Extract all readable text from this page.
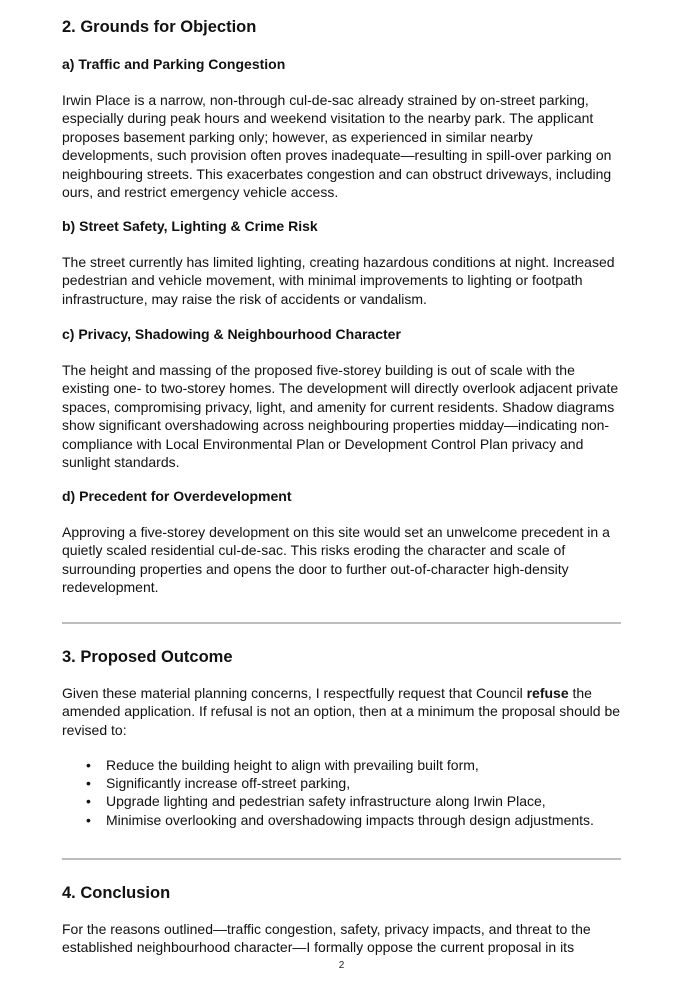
2. Grounds for Objection
a) Traffic and Parking Congestion

Irwin Place is a narrow, non-through cul-de-sac already strained by on-street parking, especially during peak hours and weekend visitation to the nearby park. The applicant proposes basement parking only; however, as experienced in similar nearby developments, such provision often proves inadequate—resulting in spill-over parking on neighbouring streets. This exacerbates congestion and can obstruct driveways, including ours, and restrict emergency vehicle access.

b) Street Safety, Lighting & Crime Risk

The street currently has limited lighting, creating hazardous conditions at night. Increased pedestrian and vehicle movement, with minimal improvements to lighting or footpath infrastructure, may raise the risk of accidents or vandalism.

c) Privacy, Shadowing & Neighbourhood Character

The height and massing of the proposed five-storey building is out of scale with the existing one- to two-storey homes. The development will directly overlook adjacent private spaces, compromising privacy, light, and amenity for current residents. Shadow diagrams show significant overshadowing across neighbouring properties midday—indicating non-compliance with Local Environmental Plan or Development Control Plan privacy and sunlight standards.

d) Precedent for Overdevelopment

Approving a five-storey development on this site would set an unwelcome precedent in a quietly scaled residential cul-de-sac. This risks eroding the character and scale of surrounding properties and opens the door to further out-of-character high-density redevelopment.

3. Proposed Outcome

Given these material planning concerns, I respectfully request that Council refuse the amended application. If refusal is not an option, then at a minimum the proposal should be revised to:

• Reduce the building height to align with prevailing built form,
• Significantly increase off-street parking,
• Upgrade lighting and pedestrian safety infrastructure along Irwin Place,
• Minimise overlooking and overshadowing impacts through design adjustments.
4. Conclusion

For the reasons outlined—traffic congestion, safety, privacy impacts, and threat to the established neighbourhood character—I formally oppose the current proposal in its

2
